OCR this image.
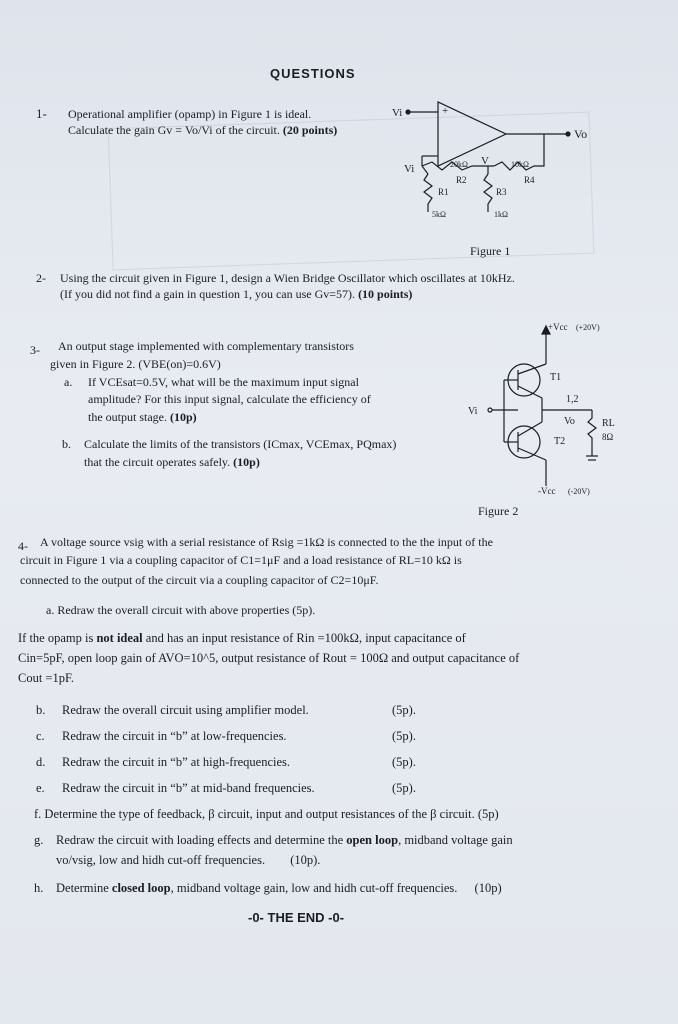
QUESTIONS
1- Operational amplifier (opamp) in Figure 1 is ideal.
Calculate the gain Gv = Vo/Vi of the circuit. (20 points)
Vi
Vo
+
Vi
V
20kΩ	10kΩ
R2	R4
R1	R3
5kΩ	1kΩ
Figure 1
2- Using the circuit given in Figure 1, design a Wien Bridge Oscillator which oscillates at 10kHz.
(If you did not find a gain in question 1, you can use Gv=57). (10 points)
3- An output stage implemented with complementary transistors
given in Figure 2. (VBE(on)=0.6V)
a. If VCEsat=0.5V, what will be the maximum input signal
amplitude? For this input signal, calculate the efficiency of
the output stage. (10p)
b. Calculate the limits of the transistors (ICmax, VCEmax, PQmax)
that the circuit operates safely. (10p)
+Vcc (+20V)
T1
T2
Vi
Vo	RL
8Ω
1,2
-Vcc (-20V)
Figure 2
4- A voltage source vsig with a serial resistance of Rsig =1kΩ is connected to the the input of the
circuit in Figure 1 via a coupling capacitor of C1=1μF and a load resistance of RL=10 kΩ is
connected to the output of the circuit via a coupling capacitor of C2=10μF.
a. Redraw the overall circuit with above properties (5p).
If the opamp is not ideal and has an input resistance of Rin =100kΩ, input capacitance of
Cin=5pF, open loop gain of AVO=10^5, output resistance of Rout = 100Ω and output capacitance of
Cout =1pF.
b. Redraw the overall circuit using amplifier model.	(5p).
c. Redraw the circuit in “b” at low-frequencies.	(5p).
d. Redraw the circuit in “b” at high-frequencies.	(5p).
e. Redraw the circuit in “b” at mid-band frequencies.	(5p).
f. Determine the type of feedback, β circuit, input and output resistances of the β circuit. (5p)
g. Redraw the circuit with loading effects and determine the open loop, midband voltage gain
vo/vsig, low and hidh cut-off frequencies. (10p).
h. Determine closed loop, midband voltage gain, low and hidh cut-off frequencies. (10p)
-0- THE END -0-
